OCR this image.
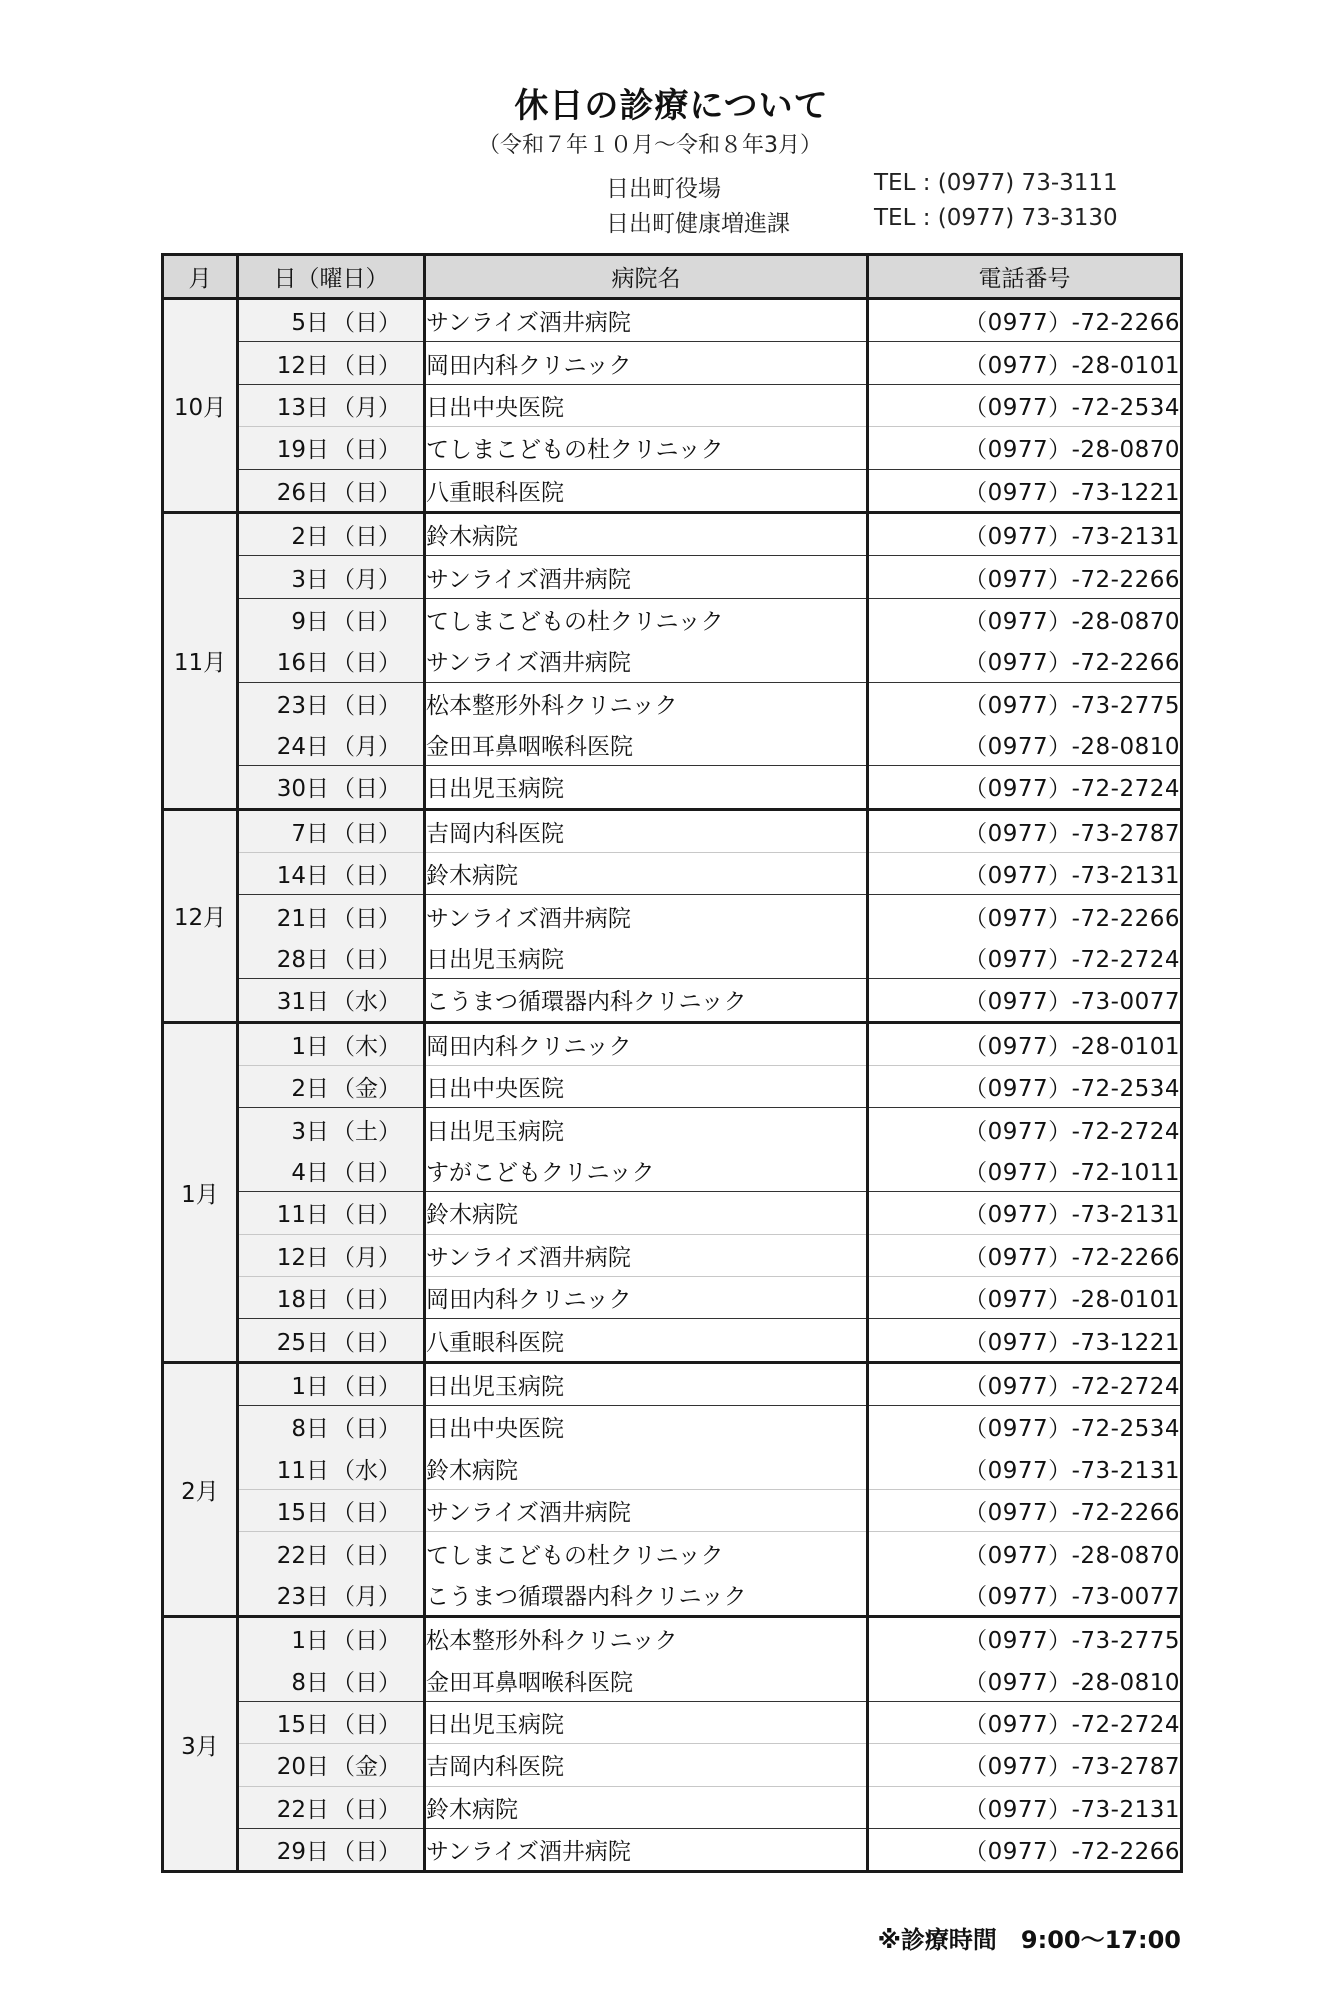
休日の診療について
（令和７年１０月～令和８年3月）
日出町役場	TEL : (0977) 73-3111
日出町健康増進課	TEL : (0977) 73-3130
月	日（曜日）	病院名	電話番号
10月	5日 （日）	サンライズ酒井病院	（0977）-72-2266

	12日 （日）	岡田内科クリニック	（0977）-28-0101

	13日 （月）	日出中央医院	（0977）-72-2534

	19日 （日）	てしまこどもの杜クリニック	（0977）-28-0870

	26日 （日）	八重眼科医院	（0977）-73-1221
11月	2日 （日）	鈴木病院	（0977）-73-2131

	3日 （月）	サンライズ酒井病院	（0977）-72-2266

	9日 （日）	てしまこどもの杜クリニック	（0977）-28-0870

	16日 （日）	サンライズ酒井病院	（0977）-72-2266

	23日 （日）	松本整形外科クリニック	（0977）-73-2775

	24日 （月）	金田耳鼻咽喉科医院	（0977）-28-0810

	30日 （日）	日出児玉病院	（0977）-72-2724
12月	7日 （日）	吉岡内科医院	（0977）-73-2787

	14日 （日）	鈴木病院	（0977）-73-2131

	21日 （日）	サンライズ酒井病院	（0977）-72-2266

	28日 （日）	日出児玉病院	（0977）-72-2724

	31日 （水）	こうまつ循環器内科クリニック	（0977）-73-0077
1月	1日 （木）	岡田内科クリニック	（0977）-28-0101

	2日 （金）	日出中央医院	（0977）-72-2534

	3日 （土）	日出児玉病院	（0977）-72-2724

	4日 （日）	すがこどもクリニック	（0977）-72-1011

	11日 （日）	鈴木病院	（0977）-73-2131

	12日 （月）	サンライズ酒井病院	（0977）-72-2266

	18日 （日）	岡田内科クリニック	（0977）-28-0101

	25日 （日）	八重眼科医院	（0977）-73-1221
2月	1日 （日）	日出児玉病院	（0977）-72-2724

	8日 （日）	日出中央医院	（0977）-72-2534

	11日 （水）	鈴木病院	（0977）-73-2131

	15日 （日）	サンライズ酒井病院	（0977）-72-2266

	22日 （日）	てしまこどもの杜クリニック	（0977）-28-0870

	23日 （月）	こうまつ循環器内科クリニック	（0977）-73-0077
3月	1日 （日）	松本整形外科クリニック	（0977）-73-2775

	8日 （日）	金田耳鼻咽喉科医院	（0977）-28-0810

	15日 （日）	日出児玉病院	（0977）-72-2724

	20日 （金）	吉岡内科医院	（0977）-73-2787

	22日 （日）	鈴木病院	（0977）-73-2131

	29日 （日）	サンライズ酒井病院	（0977）-72-2266
※診療時間　9:00～17:00
